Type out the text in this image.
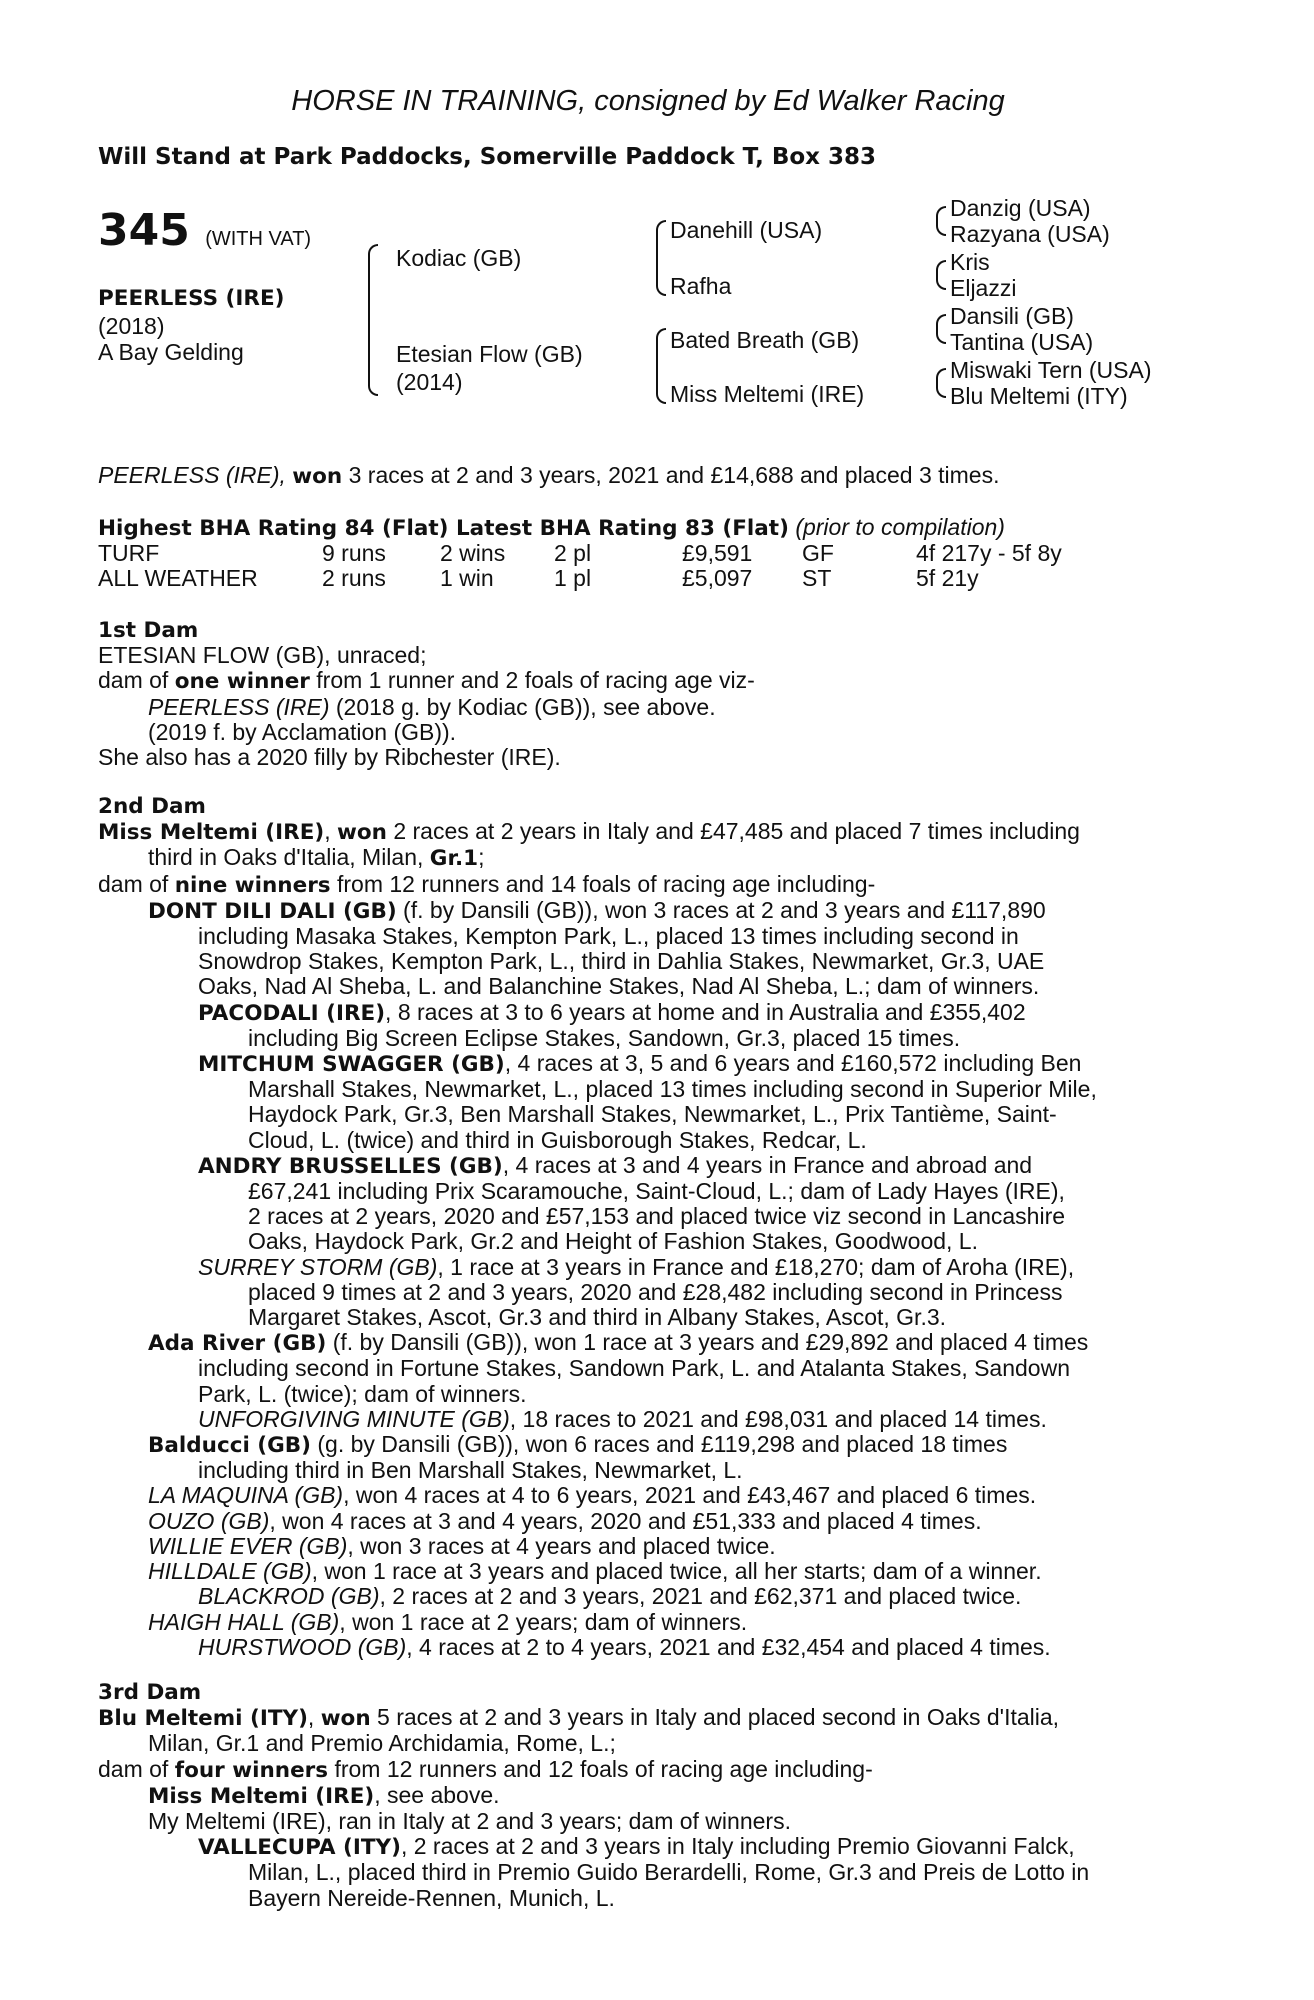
HORSE IN TRAINING, consigned by Ed Walker Racing
Will Stand at Park Paddocks, Somerville Paddock T, Box 383
345 (WITH VAT)
PEERLESS (IRE)
(2018)
A Bay Gelding
Kodiac (GB)
Etesian Flow (GB)
(2014)
Danehill (USA)
Rafha
Bated Breath (GB)
Miss Meltemi (IRE)
Danzig (USA)
Razyana (USA)
Kris
Eljazzi
Dansili (GB)
Tantina (USA)
Miswaki Tern (USA)
Blu Meltemi (ITY)
PEERLESS (IRE), won 3 races at 2 and 3 years, 2021 and £14,688 and placed 3 times.
Highest BHA Rating 84 (Flat) Latest BHA Rating 83 (Flat) (prior to compilation)
TURF	9 runs 2 wins 2 pl	£9,591 GF	4f 217y - 5f 8y
ALL WEATHER	2 runs 1 win	1 pl	£5,097 ST	5f 21y
1st Dam
ETESIAN FLOW (GB), unraced;
dam of one winner from 1 runner and 2 foals of racing age viz-
PEERLESS (IRE) (2018 g. by Kodiac (GB)), see above.
(2019 f. by Acclamation (GB)).
She also has a 2020 filly by Ribchester (IRE).
2nd Dam
Miss Meltemi (IRE), won 2 races at 2 years in Italy and £47,485 and placed 7 times including
third in Oaks d'Italia, Milan, Gr.1;
dam of nine winners from 12 runners and 14 foals of racing age including-
DONT DILI DALI (GB) (f. by Dansili (GB)), won 3 races at 2 and 3 years and £117,890
including Masaka Stakes, Kempton Park, L., placed 13 times including second in
Snowdrop Stakes, Kempton Park, L., third in Dahlia Stakes, Newmarket, Gr.3, UAE
Oaks, Nad Al Sheba, L. and Balanchine Stakes, Nad Al Sheba, L.; dam of winners.
PACODALI (IRE), 8 races at 3 to 6 years at home and in Australia and £355,402
including Big Screen Eclipse Stakes, Sandown, Gr.3, placed 15 times.
MITCHUM SWAGGER (GB), 4 races at 3, 5 and 6 years and £160,572 including Ben
Marshall Stakes, Newmarket, L., placed 13 times including second in Superior Mile,
Haydock Park, Gr.3, Ben Marshall Stakes, Newmarket, L., Prix Tantième, Saint-
Cloud, L. (twice) and third in Guisborough Stakes, Redcar, L.
ANDRY BRUSSELLES (GB), 4 races at 3 and 4 years in France and abroad and
£67,241 including Prix Scaramouche, Saint-Cloud, L.; dam of Lady Hayes (IRE),
2 races at 2 years, 2020 and £57,153 and placed twice viz second in Lancashire
Oaks, Haydock Park, Gr.2 and Height of Fashion Stakes, Goodwood, L.
SURREY STORM (GB), 1 race at 3 years in France and £18,270; dam of Aroha (IRE),
placed 9 times at 2 and 3 years, 2020 and £28,482 including second in Princess
Margaret Stakes, Ascot, Gr.3 and third in Albany Stakes, Ascot, Gr.3.
Ada River (GB) (f. by Dansili (GB)), won 1 race at 3 years and £29,892 and placed 4 times
including second in Fortune Stakes, Sandown Park, L. and Atalanta Stakes, Sandown
Park, L. (twice); dam of winners.
UNFORGIVING MINUTE (GB), 18 races to 2021 and £98,031 and placed 14 times.
Balducci (GB) (g. by Dansili (GB)), won 6 races and £119,298 and placed 18 times
including third in Ben Marshall Stakes, Newmarket, L.
LA MAQUINA (GB), won 4 races at 4 to 6 years, 2021 and £43,467 and placed 6 times.
OUZO (GB), won 4 races at 3 and 4 years, 2020 and £51,333 and placed 4 times.
WILLIE EVER (GB), won 3 races at 4 years and placed twice.
HILLDALE (GB), won 1 race at 3 years and placed twice, all her starts; dam of a winner.
BLACKROD (GB), 2 races at 2 and 3 years, 2021 and £62,371 and placed twice.
HAIGH HALL (GB), won 1 race at 2 years; dam of winners.
HURSTWOOD (GB), 4 races at 2 to 4 years, 2021 and £32,454 and placed 4 times.
3rd Dam
Blu Meltemi (ITY), won 5 races at 2 and 3 years in Italy and placed second in Oaks d'Italia,
Milan, Gr.1 and Premio Archidamia, Rome, L.;
dam of four winners from 12 runners and 12 foals of racing age including-
Miss Meltemi (IRE), see above.
My Meltemi (IRE), ran in Italy at 2 and 3 years; dam of winners.
VALLECUPA (ITY), 2 races at 2 and 3 years in Italy including Premio Giovanni Falck,
Milan, L., placed third in Premio Guido Berardelli, Rome, Gr.3 and Preis de Lotto in
Bayern Nereide-Rennen, Munich, L.
